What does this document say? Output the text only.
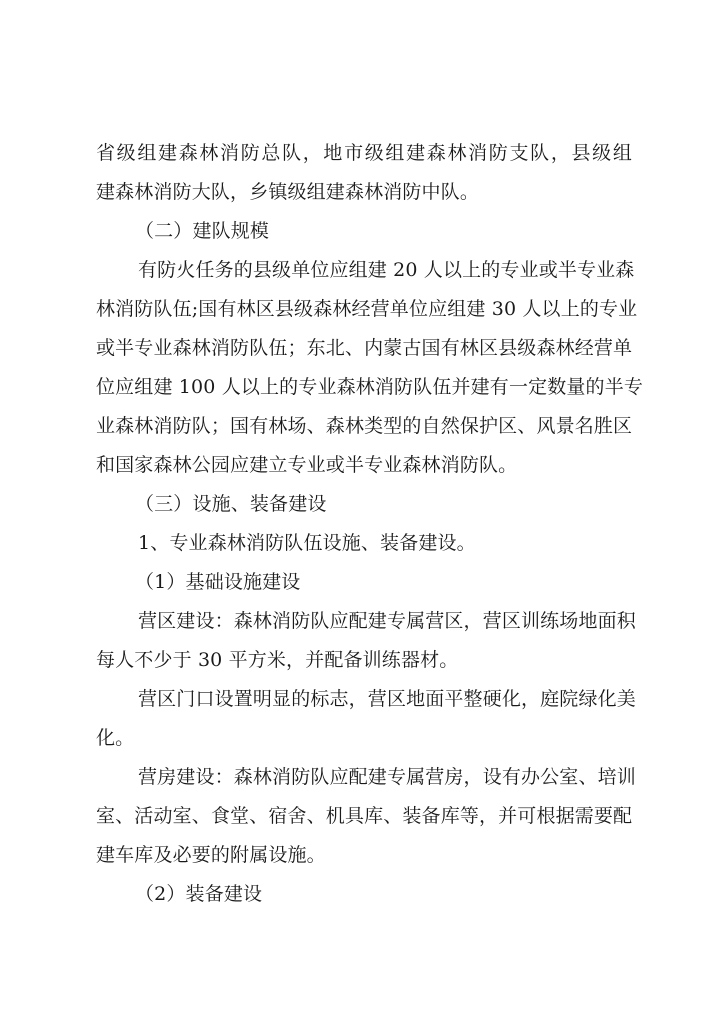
省级组建森林消防总队，地市级组建森林消防支队，县级组
建森林消防大队，乡镇级组建森林消防中队。
（二）建队规模
有防火任务的县级单位应组建 20 人以上的专业或半专业森
林消防队伍;国有林区县级森林经营单位应组建 30 人以上的专业
或半专业森林消防队伍；东北、内蒙古国有林区县级森林经营单
位应组建 100 人以上的专业森林消防队伍并建有一定数量的半专
业森林消防队；国有林场、森林类型的自然保护区、风景名胜区
和国家森林公园应建立专业或半专业森林消防队。
（三）设施、装备建设
1、专业森林消防队伍设施、装备建设。
（1）基础设施建设
营区建设：森林消防队应配建专属营区，营区训练场地面积
每人不少于 30 平方米，并配备训练器材。
营区门口设置明显的标志，营区地面平整硬化，庭院绿化美
化。
营房建设：森林消防队应配建专属营房，设有办公室、培训
室、活动室、食堂、宿舍、机具库、装备库等，并可根据需要配
建车库及必要的附属设施。
（2）装备建设
